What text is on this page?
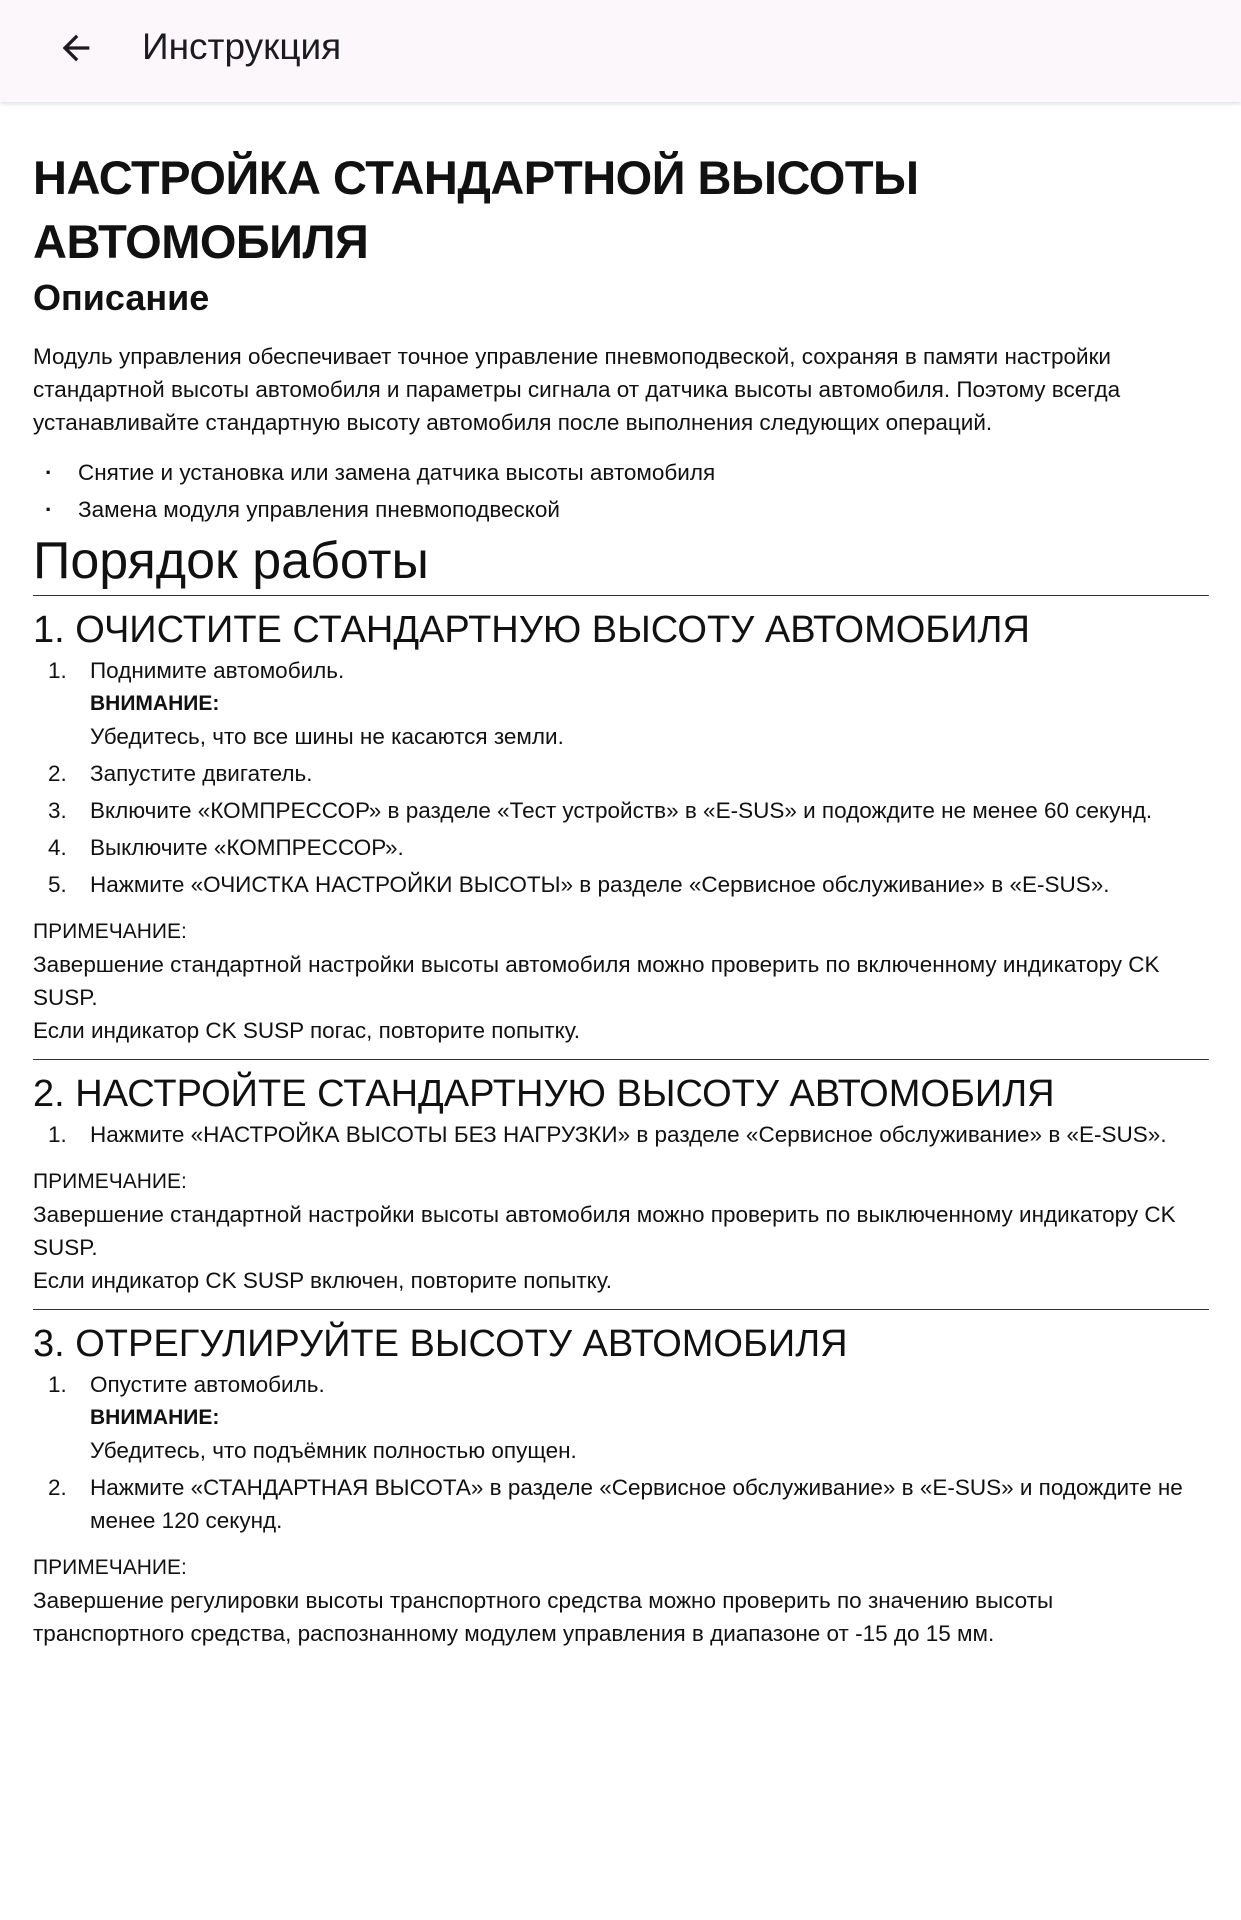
Инструкция
НАСТРОЙКА СТАНДАРТНОЙ ВЫСОТЫ АВТОМОБИЛЯ
Описание

Модуль управления обеспечивает точное управление пневмоподвеской, сохраняя в памяти настройки стандартной высоты автомобиля и параметры сигнала от датчика высоты автомобиля. Поэтому всегда устанавливайте стандартную высоту автомобиля после выполнения следующих операций.

· Снятие и установка или замена датчика высоты автомобиля
· Замена модуля управления пневмоподвеской
Порядок работы
1. ОЧИСТИТЕ СТАНДАРТНУЮ ВЫСОТУ АВТОМОБИЛЯ
1. Поднимите автомобиль.
ВНИМАНИЕ:
Убедитесь, что все шины не касаются земли.
2. Запустите двигатель.
3. Включите «КОМПРЕССОР» в разделе «Тест устройств» в «E-SUS» и подождите не менее 60 секунд.
4. Выключите «КОМПРЕССОР».
5. Нажмите «ОЧИСТКА НАСТРОЙКИ ВЫСОТЫ» в разделе «Сервисное обслуживание» в «E-SUS».
ПРИМЕЧАНИЕ:
Завершение стандартной настройки высоты автомобиля можно проверить по включенному индикатору CK SUSP.
Если индикатор CK SUSP погас, повторите попытку.
2. НАСТРОЙТЕ СТАНДАРТНУЮ ВЫСОТУ АВТОМОБИЛЯ
1. Нажмите «НАСТРОЙКА ВЫСОТЫ БЕЗ НАГРУЗКИ» в разделе «Сервисное обслуживание» в «E-SUS».
ПРИМЕЧАНИЕ:
Завершение стандартной настройки высоты автомобиля можно проверить по выключенному индикатору CK SUSP.
Если индикатор CK SUSP включен, повторите попытку.
3. ОТРЕГУЛИРУЙТЕ ВЫСОТУ АВТОМОБИЛЯ
1. Опустите автомобиль.
ВНИМАНИЕ:
Убедитесь, что подъёмник полностью опущен.
2. Нажмите «СТАНДАРТНАЯ ВЫСОТА» в разделе «Сервисное обслуживание» в «E-SUS» и подождите не менее 120 секунд.
ПРИМЕЧАНИЕ:
Завершение регулировки высоты транспортного средства можно проверить по значению высоты транспортного средства, распознанному модулем управления в диапазоне от -15 до 15 мм.
